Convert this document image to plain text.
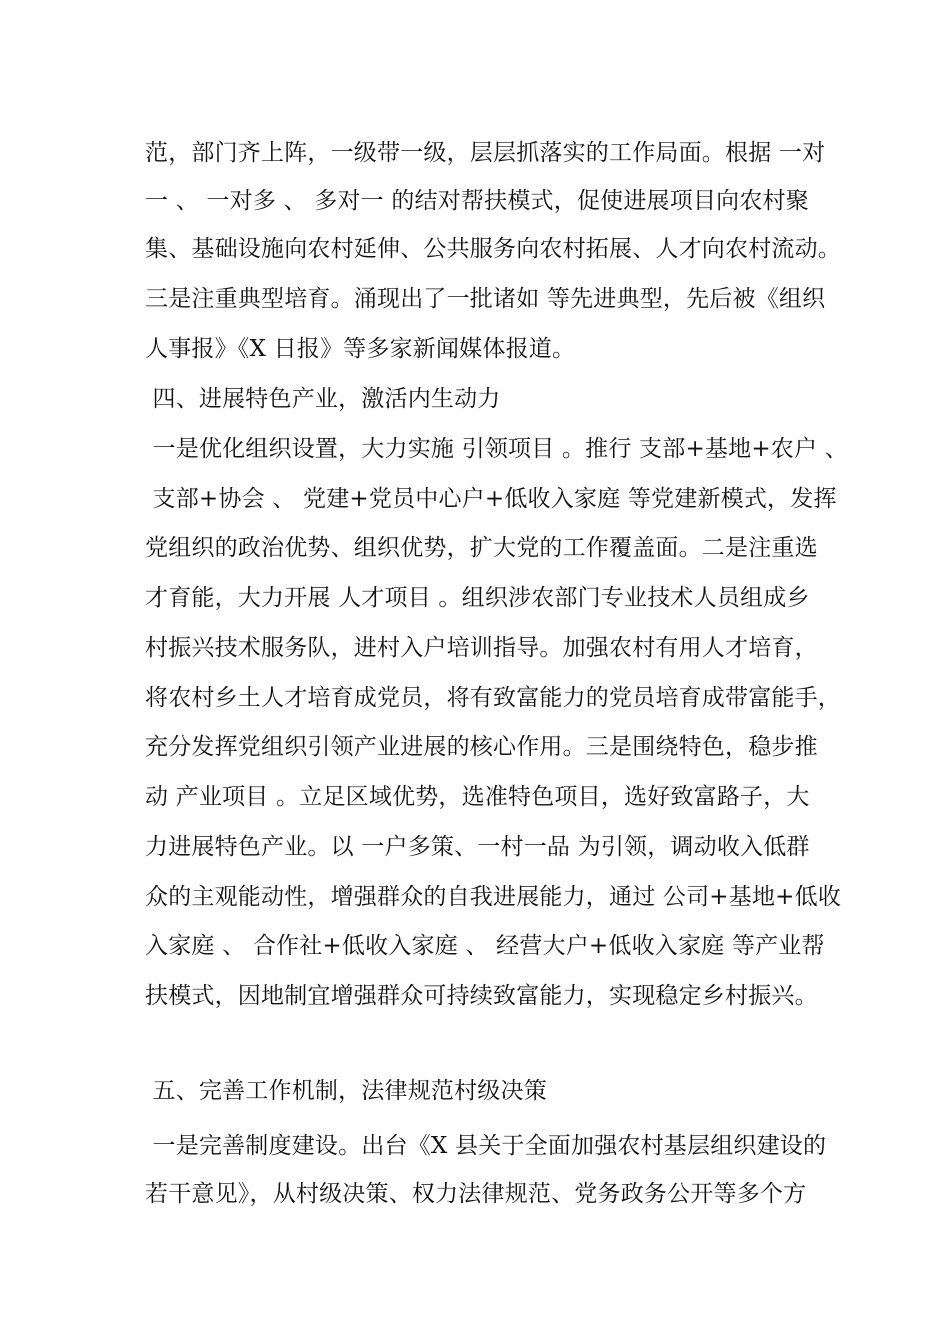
范，部门齐上阵，一级带一级，层层抓落实的工作局面。根据 一对
一 、 一对多 、 多对一 的结对帮扶模式，促使进展项目向农村聚
集、基础设施向农村延伸、公共服务向农村拓展、人才向农村流动。
三是注重典型培育。涌现出了一批诸如 等先进典型，先后被《组织
人事报》《X 日报》等多家新闻媒体报道。
四、进展特色产业，激活内生动力
一是优化组织设置，大力实施 引领项目 。推行 支部+基地+农户 、
支部+协会 、 党建+党员中心户+低收入家庭 等党建新模式，发挥
党组织的政治优势、组织优势，扩大党的工作覆盖面。二是注重选
才育能，大力开展 人才项目 。组织涉农部门专业技术人员组成乡
村振兴技术服务队，进村入户培训指导。加强农村有用人才培育，
将农村乡土人才培育成党员，将有致富能力的党员培育成带富能手，
充分发挥党组织引领产业进展的核心作用。三是围绕特色，稳步推
动 产业项目 。立足区域优势，选准特色项目，选好致富路子，大
力进展特色产业。以 一户多策、一村一品 为引领，调动收入低群
众的主观能动性，增强群众的自我进展能力，通过 公司+基地+低收
入家庭 、 合作社+低收入家庭 、 经营大户+低收入家庭 等产业帮
扶模式，因地制宜增强群众可持续致富能力，实现稳定乡村振兴。
五、完善工作机制，法律规范村级决策
一是完善制度建设。出台《X 县关于全面加强农村基层组织建设的
若干意见》，从村级决策、权力法律规范、党务政务公开等多个方
